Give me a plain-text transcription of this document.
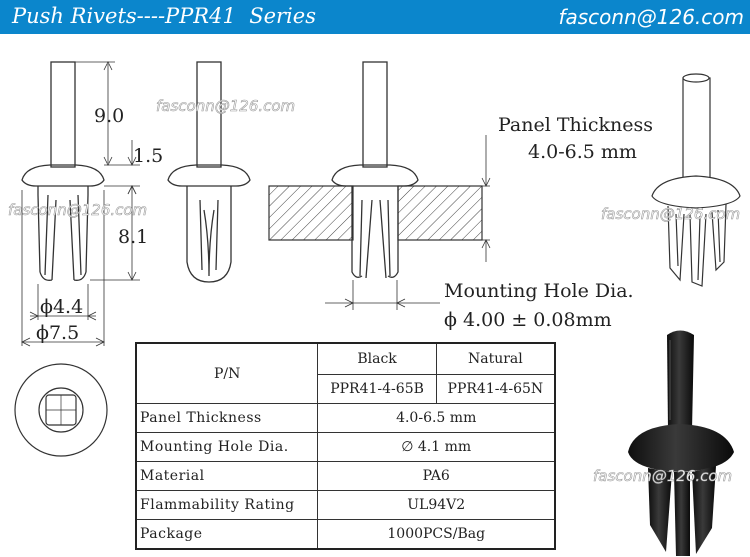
Push Rivets----PPR41  Series	fasconn@126.com
9.0
1.5
8.1
ϕ4.4
ϕ7.5
Panel Thickness
4.0-6.5 mm
Mounting Hole Dia.
ϕ 4.00 ± 0.08mm
fasconn@126.com
fasconn@126.com	fasconn@126.com
fasconn@126.com
P/N	Black	Natural
	PPR41-4-65B	PPR41-4-65N
Panel Thickness	4.0-6.5 mm	
Mounting Hole Dia.	∅ 4.1 mm	
Material	PA6	
Flammability Rating	UL94V2	
Package	1000PCS/Bag	
